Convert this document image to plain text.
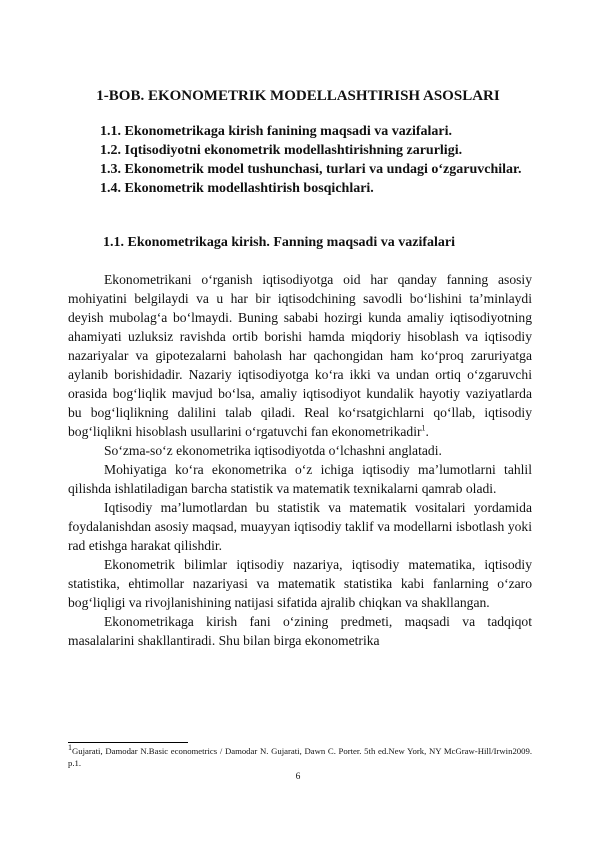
1-BOB. EKONOMETRIK MODELLASHTIRISH ASOSLARI
1.1. Ekonometrikaga kirish fanining maqsadi va vazifalari.
1.2. Iqtisodiyotni ekonometrik modellashtirishning zarurligi.
1.3. Ekonometrik model tushunchasi, turlari va undagi o‘zgaruvchilar.
1.4. Ekonometrik modellashtirish bosqichlari.
1.1. Ekonometrikaga kirish. Fanning maqsadi va vazifalari

Ekonometrikani o‘rganish iqtisodiyotga oid har qanday fanning asosiy mohiyatini belgilaydi va u har bir iqtisodchining savodli bo‘lishini ta’minlaydi deyish mubolag‘a bo‘lmaydi. Buning sababi hozirgi kunda amaliy iqtisodiyotning ahamiyati uzluksiz ravishda ortib borishi hamda miqdoriy hisoblash va iqtisodiy nazariyalar va gipotezalarni baholash har qachongidan ham ko‘proq zaruriyatga aylanib borishidadir. Nazariy iqtisodiyotga ko‘ra ikki va undan ortiq o‘zgaruvchi orasida bog‘liqlik mavjud bo‘lsa, amaliy iqtisodiyot kundalik hayotiy vaziyatlarda bu bog‘liqlikning dalilini talab qiladi. Real ko‘rsatgichlarni qo‘llab, iqtisodiy bog‘liqlikni hisoblash usullarini o‘rgatuvchi fan ekonometrikadir$^1$.

So‘zma-so‘z ekonometrika iqtisodiyotda o‘lchashni anglatadi.

Mohiyatiga ko‘ra ekonometrika o‘z ichiga iqtisodiy ma’lumotlarni tahlil qilishda ishlatiladigan barcha statistik va matematik texnikalarni qamrab oladi.

Iqtisodiy ma’lumotlardan bu statistik va matematik vositalari yordamida foydalanishdan asosiy maqsad, muayyan iqtisodiy taklif va modellarni isbotlash yoki rad etishga harakat qilishdir.

Ekonometrik bilimlar iqtisodiy nazariya, iqtisodiy matematika, iqtisodiy statistika, ehtimollar nazariyasi va matematik statistika kabi fanlarning o‘zaro bog‘liqligi va rivojlanishining natijasi sifatida ajralib chiqkan va shakllangan.

Ekonometrikaga kirish fani o‘zining predmeti, maqsadi va tadqiqot masalalarini shakllantiradi. Shu bilan birga ekonometrika

1Gujarati, Damodar N.Basic econometrics / Damodar N. Gujarati, Dawn C. Porter. 5th ed.New York, NY McGraw-Hill/Irwin2009. p.1.
6
